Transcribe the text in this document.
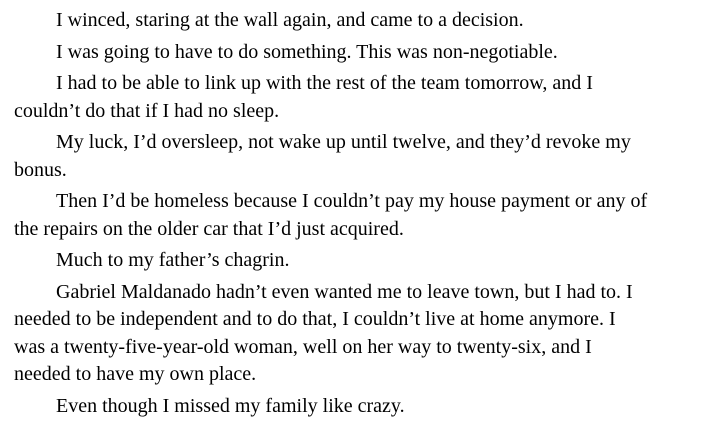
I winced, staring at the wall again, and came to a decision.

I was going to have to do something. This was non-negotiable.

I had to be able to link up with the rest of the team tomorrow, and I
couldn’t do that if I had no sleep.

My luck, I’d oversleep, not wake up until twelve, and they’d revoke my
bonus.

Then I’d be homeless because I couldn’t pay my house payment or any of
the repairs on the older car that I’d just acquired.

Much to my father’s chagrin.

Gabriel Maldanado hadn’t even wanted me to leave town, but I had to. I
needed to be independent and to do that, I couldn’t live at home anymore. I
was a twenty-five-year-old woman, well on her way to twenty-six, and I
needed to have my own place.

Even though I missed my family like crazy.
